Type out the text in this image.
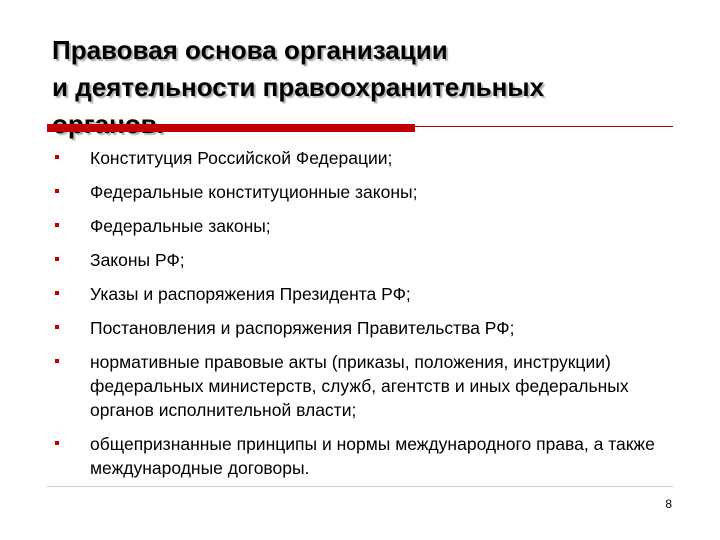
Правовая основа организации
и деятельности правоохранительных
Конституция Российской Федерации;
Федеральные конституционные законы;
Федеральные законы;
Законы РФ;
Указы и распоряжения Президента РФ;
Постановления и распоряжения Правительства РФ;
нормативные правовые акты (приказы, положения, инструкции) федеральных министерств, служб, агентств и иных федеральных органов исполнительной власти;
общепризнанные принципы и нормы международного права, а также международные договоры.
8
